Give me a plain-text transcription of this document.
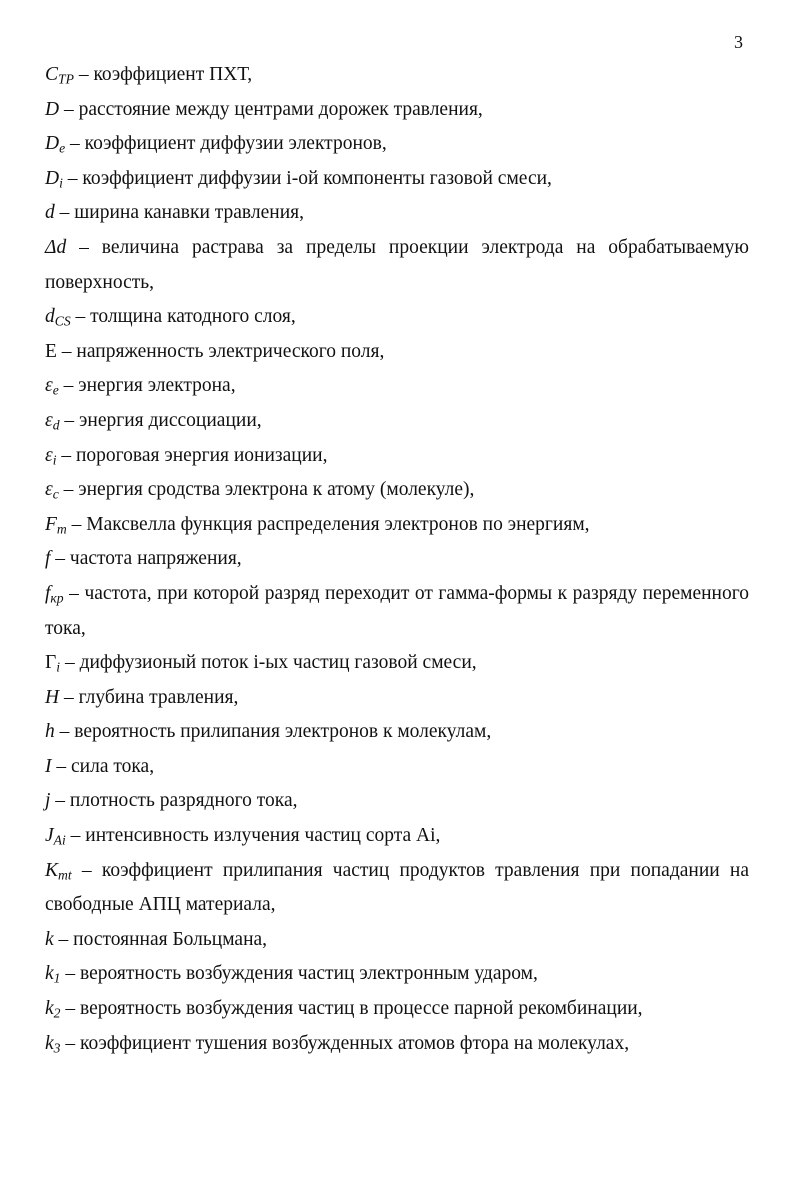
3
$C_{TP}$ – коэффициент ПХТ,
D – расстояние между центрами дорожек травления,
$D_e$ – коэффициент диффузии электронов,
$D_i$ – коэффициент диффузии i-ой компоненты газовой смеси,
d – ширина канавки травления,
Δd – величина растрава за пределы проекции электрода на обрабатываемую поверхность,
$d_{CS}$ – толщина катодного слоя,
E – напряженность электрического поля,
$\varepsilon_e$ – энергия электрона,
$\varepsilon_d$ – энергия диссоциации,
$\varepsilon_i$ – пороговая энергия ионизации,
$\varepsilon_c$ – энергия сродства электрона к атому (молекуле),
$F_m$ – Максвелла функция распределения электронов по энергиям,
f – частота напряжения,
$f_{кр}$ – частота, при которой разряд переходит от гамма-формы к разряду переменного тока,
$\Gamma_i$ – диффузионый поток i-ых частиц газовой смеси,
H – глубина травления,
h – вероятность прилипания электронов к молекулам,
I – сила тока,
j – плотность разрядного тока,
$J_{Ai}$ – интенсивность излучения частиц сорта Ai,
$K_{mt}$ – коэффициент прилипания частиц продуктов травления при попадании на свободные АПЦ материала,
k – постоянная Больцмана,
$k_1$ – вероятность возбуждения частиц электронным ударом,
$k_2$ – вероятность возбуждения частиц в процессе парной рекомбинации,
$k_3$ – коэффициент тушения возбужденных атомов фтора на молекулах,
